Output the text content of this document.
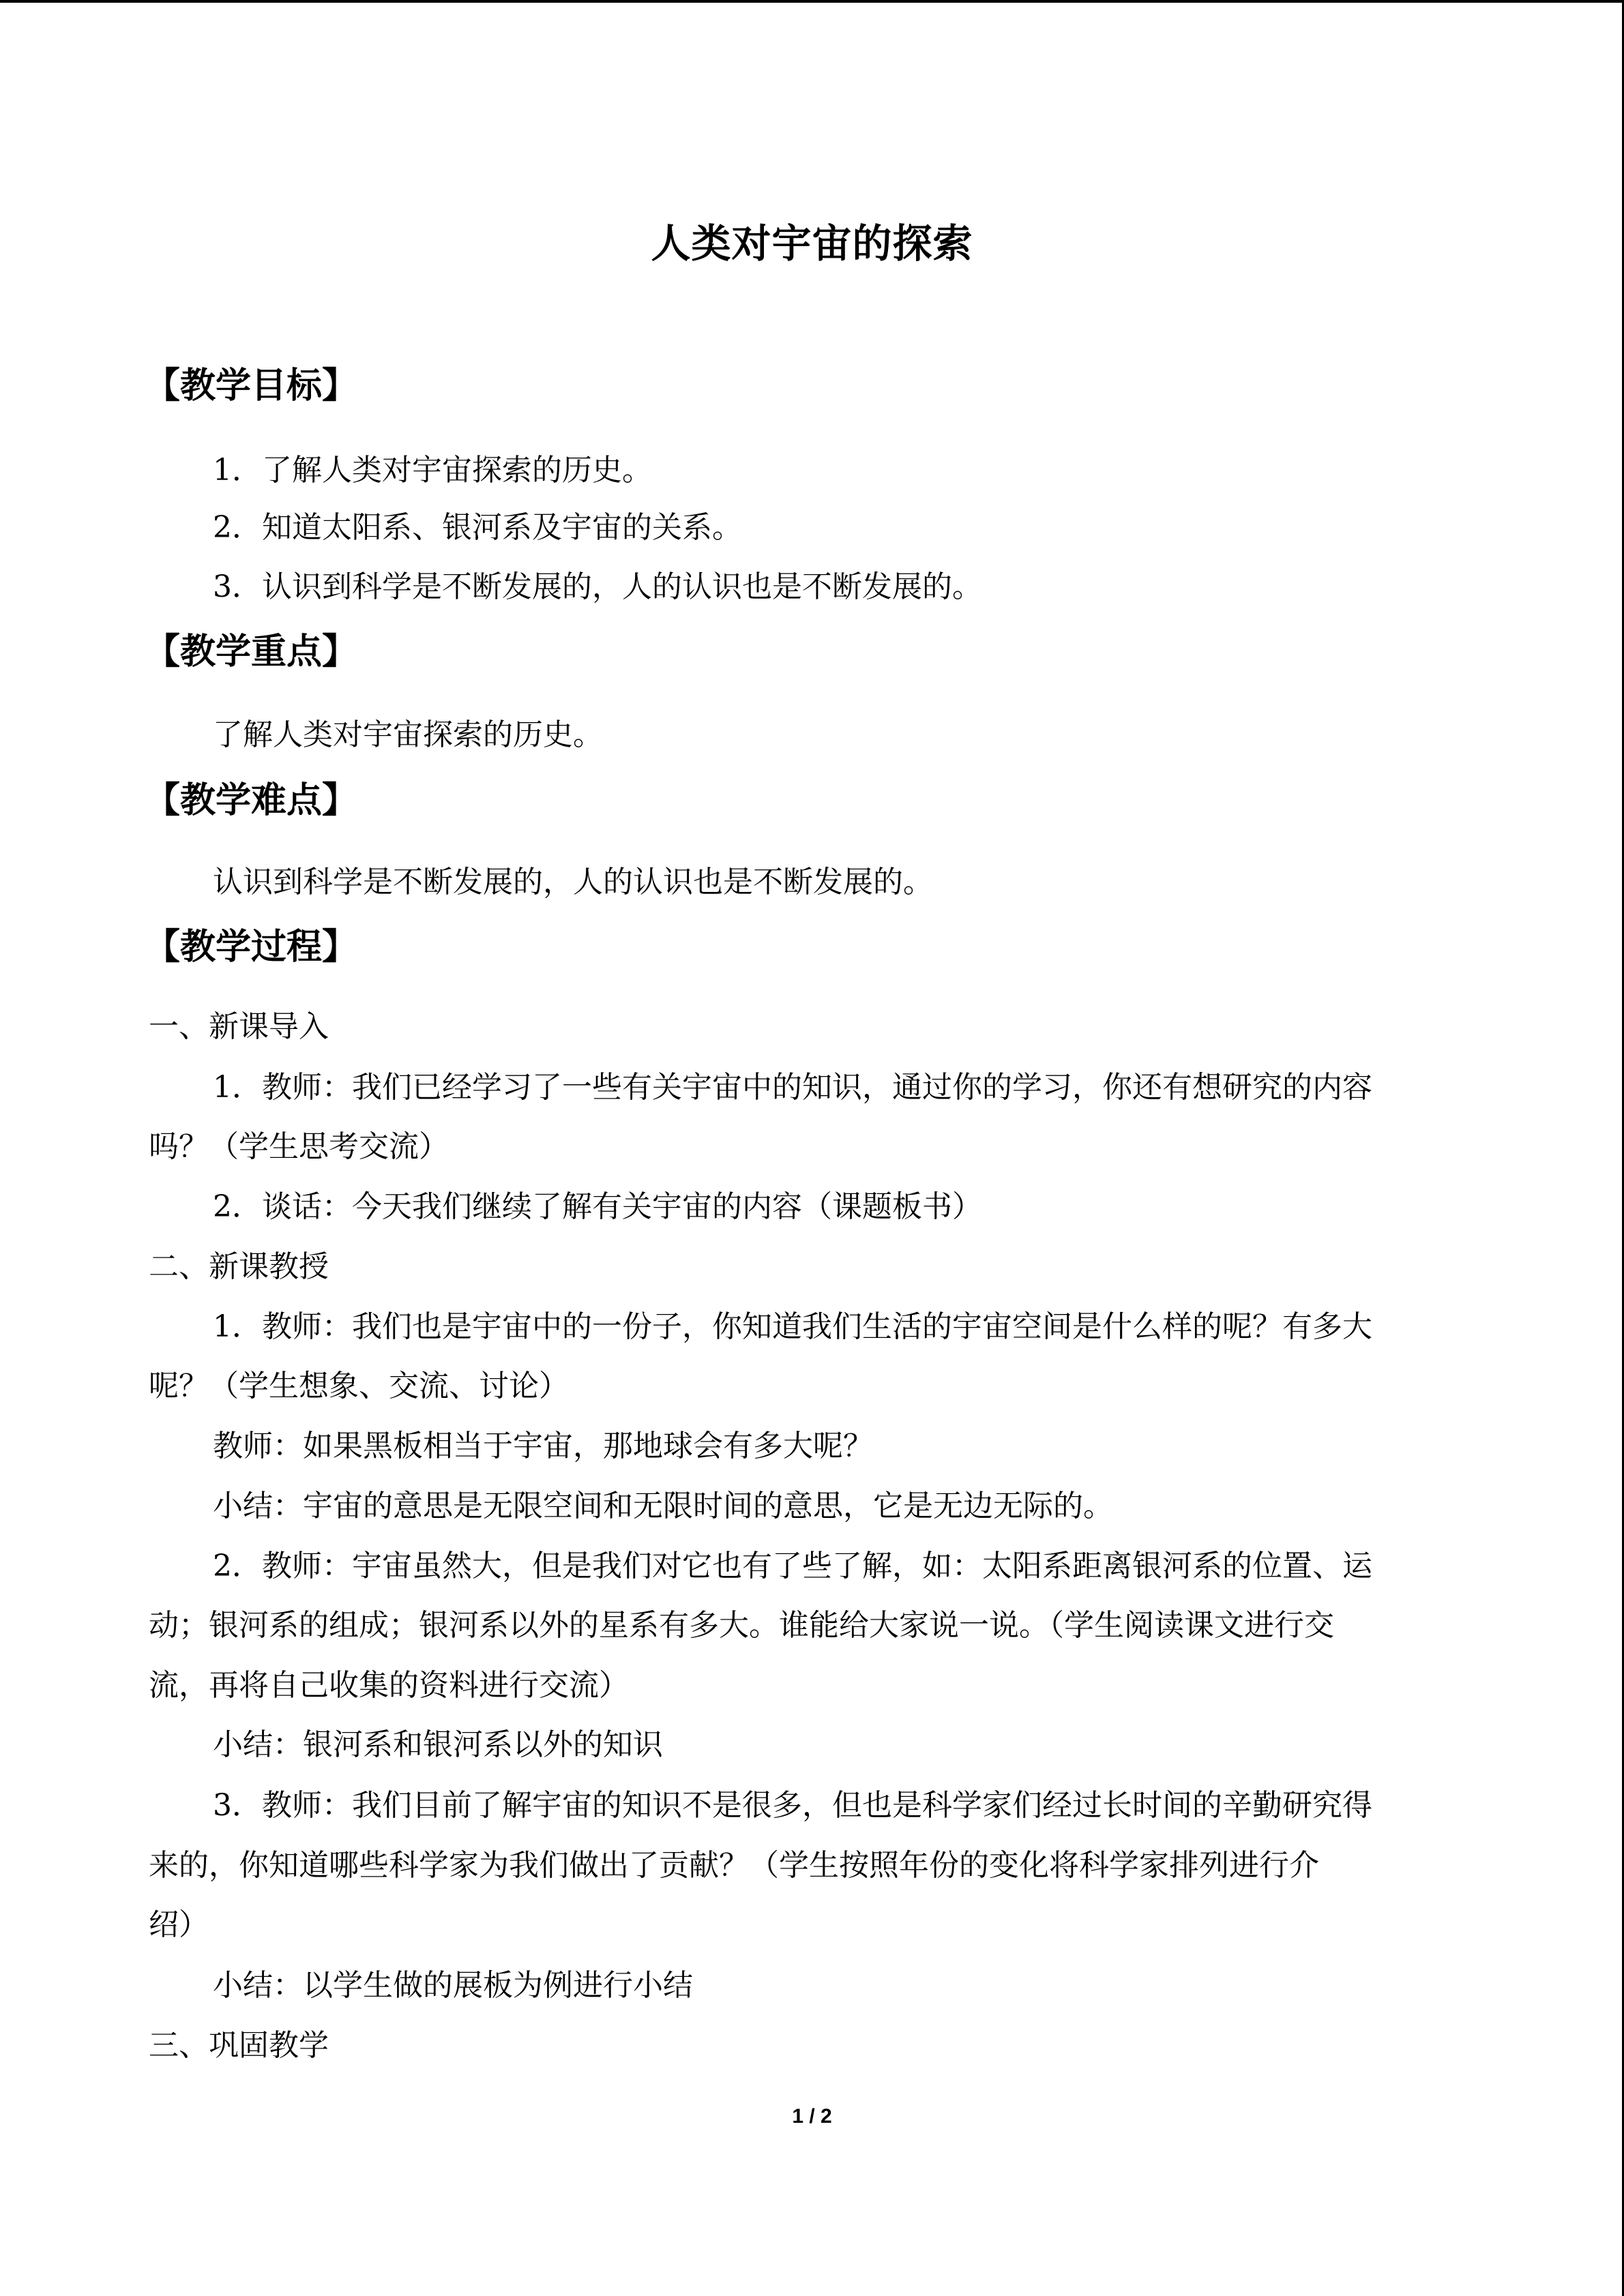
人类对宇宙的探索
【教学目标】
1．了解人类对宇宙探索的历史。
2．知道太阳系、银河系及宇宙的关系。
3．认识到科学是不断发展的，人的认识也是不断发展的。
【教学重点】
了解人类对宇宙探索的历史。
【教学难点】
认识到科学是不断发展的，人的认识也是不断发展的。
【教学过程】
一、新课导入
1．教师：我们已经学习了一些有关宇宙中的知识，通过你的学习，你还有想研究的内容
吗？（学生思考交流）
2．谈话：今天我们继续了解有关宇宙的内容（课题板书）
二、新课教授
1．教师：我们也是宇宙中的一份子，你知道我们生活的宇宙空间是什么样的呢？有多大
呢？（学生想象、交流、讨论）
教师：如果黑板相当于宇宙，那地球会有多大呢？
小结：宇宙的意思是无限空间和无限时间的意思，它是无边无际的。
2．教师：宇宙虽然大，但是我们对它也有了些了解，如：太阳系距离银河系的位置、运
动；银河系的组成；银河系以外的星系有多大。谁能给大家说一说。（学生阅读课文进行交
流，再将自己收集的资料进行交流）
小结：银河系和银河系以外的知识
3．教师：我们目前了解宇宙的知识不是很多，但也是科学家们经过长时间的辛勤研究得
来的，你知道哪些科学家为我们做出了贡献？（学生按照年份的变化将科学家排列进行介
绍）
小结：以学生做的展板为例进行小结
三、巩固教学
1 / 2
